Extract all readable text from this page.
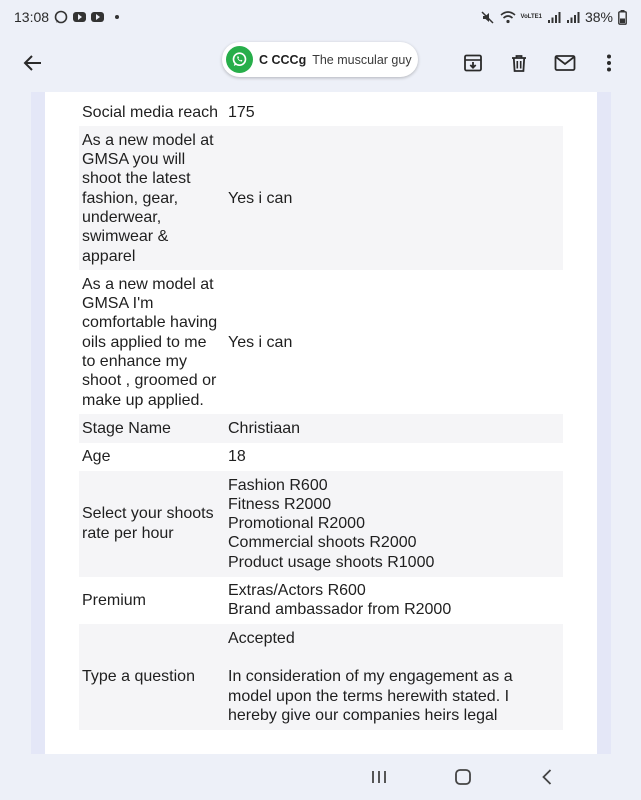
13:08	VoLTE1	38%
C CCCg The muscular guy
Social media reach	175

As a new model at GMSA you will shoot the latest fashion, gear, underwear, swimwear & apparel	Yes i can

As a new model at GMSA I'm comfortable having oils applied to me to enhance my shoot , groomed or make up applied.	Yes i can

Stage Name	Christiaan

Age	18

Select your shoots rate per hour	Fashion R600
Fitness R2000
Promotional R2000
Commercial shoots R2000
Product usage shoots R1000

Premium	Extras/Actors R600
Brand ambassador from R2000

Type a question	Accepted
In consideration of my engagement as a model upon the terms herewith stated. I hereby give our companies heirs legal
